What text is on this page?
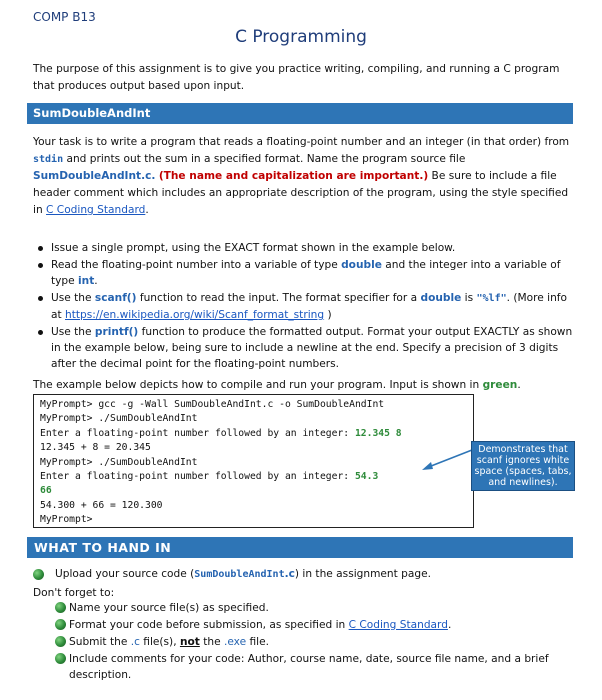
COMP B13
C Programming
The purpose of this assignment is to give you practice writing, compiling, and running a C program that produces output based upon input.
SumDoubleAndInt
Your task is to write a program that reads a floating-point number and an integer (in that order) from stdin and prints out the sum in a specified format. Name the program source file SumDoubleAndInt.c. (The name and capitalization are important.) Be sure to include a file header comment which includes an appropriate description of the program, using the style specified in C Coding Standard.
Issue a single prompt, using the EXACT format shown in the example below.
Read the floating-point number into a variable of type double and the integer into a variable of type int.
Use the scanf() function to read the input. The format specifier for a double is "%lf". (More info at https://en.wikipedia.org/wiki/Scanf_format_string )
Use the printf() function to produce the formatted output. Format your output EXACTLY as shown in the example below, being sure to include a newline at the end. Specify a precision of 3 digits after the decimal point for the floating-point numbers.
The example below depicts how to compile and run your program. Input is shown in green.
MyPrompt> gcc -g -Wall SumDoubleAndInt.c -o SumDoubleAndInt
MyPrompt> ./SumDoubleAndInt
Enter a floating-point number followed by an integer: 12.345 8
12.345 + 8 = 20.345
MyPrompt> ./SumDoubleAndInt
Enter a floating-point number followed by an integer: 54.3
66
54.300 + 66 = 120.300
MyPrompt>
Demonstrates that scanf ignores white space (spaces, tabs, and newlines).
WHAT TO HAND IN
Upload your source code (SumDoubleAndInt.c) in the assignment page.
Don't forget to:
Name your source file(s) as specified.
Format your code before submission, as specified in C Coding Standard.
Submit the .c file(s), not the .exe file.
Include comments for your code: Author, course name, date, source file name, and a brief description.
